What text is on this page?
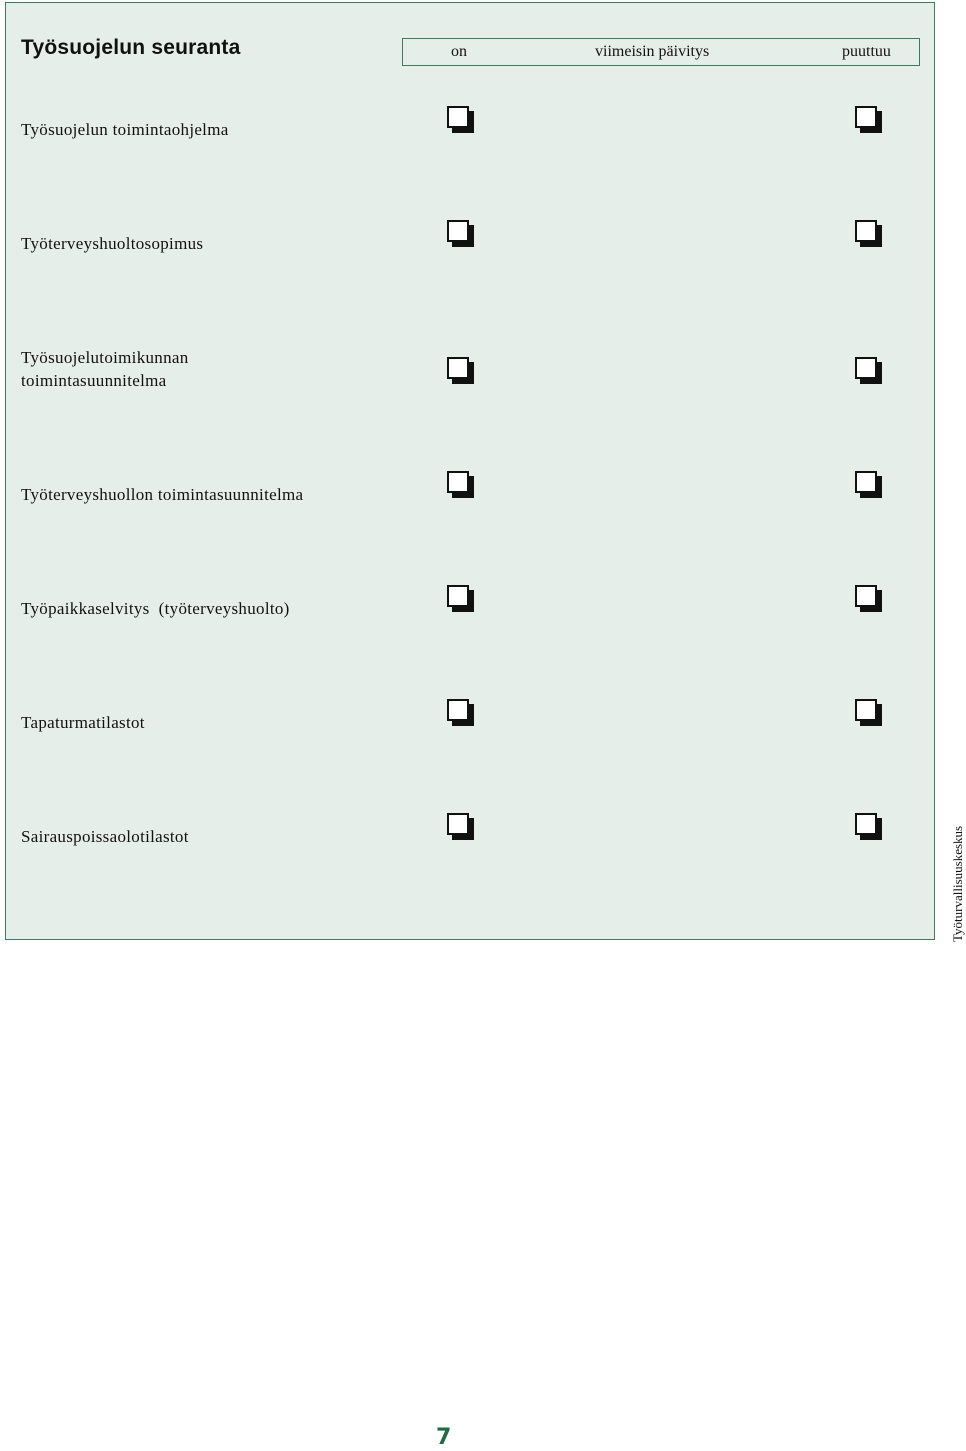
Työsuojelun seuranta	on	viimeisin päivitys	puuttuu
Työsuojelun toimintaohjelma
Työterveyshuoltosopimus
Työsuojelutoimikunnan
toimintasuunnitelma
Työterveyshuollon toimintasuunnitelma
Työpaikkaselvitys  (työterveyshuolto)
Tapaturmatilastot
Sairauspoissaolotilastot	Työturvallisuuskeskus
7
